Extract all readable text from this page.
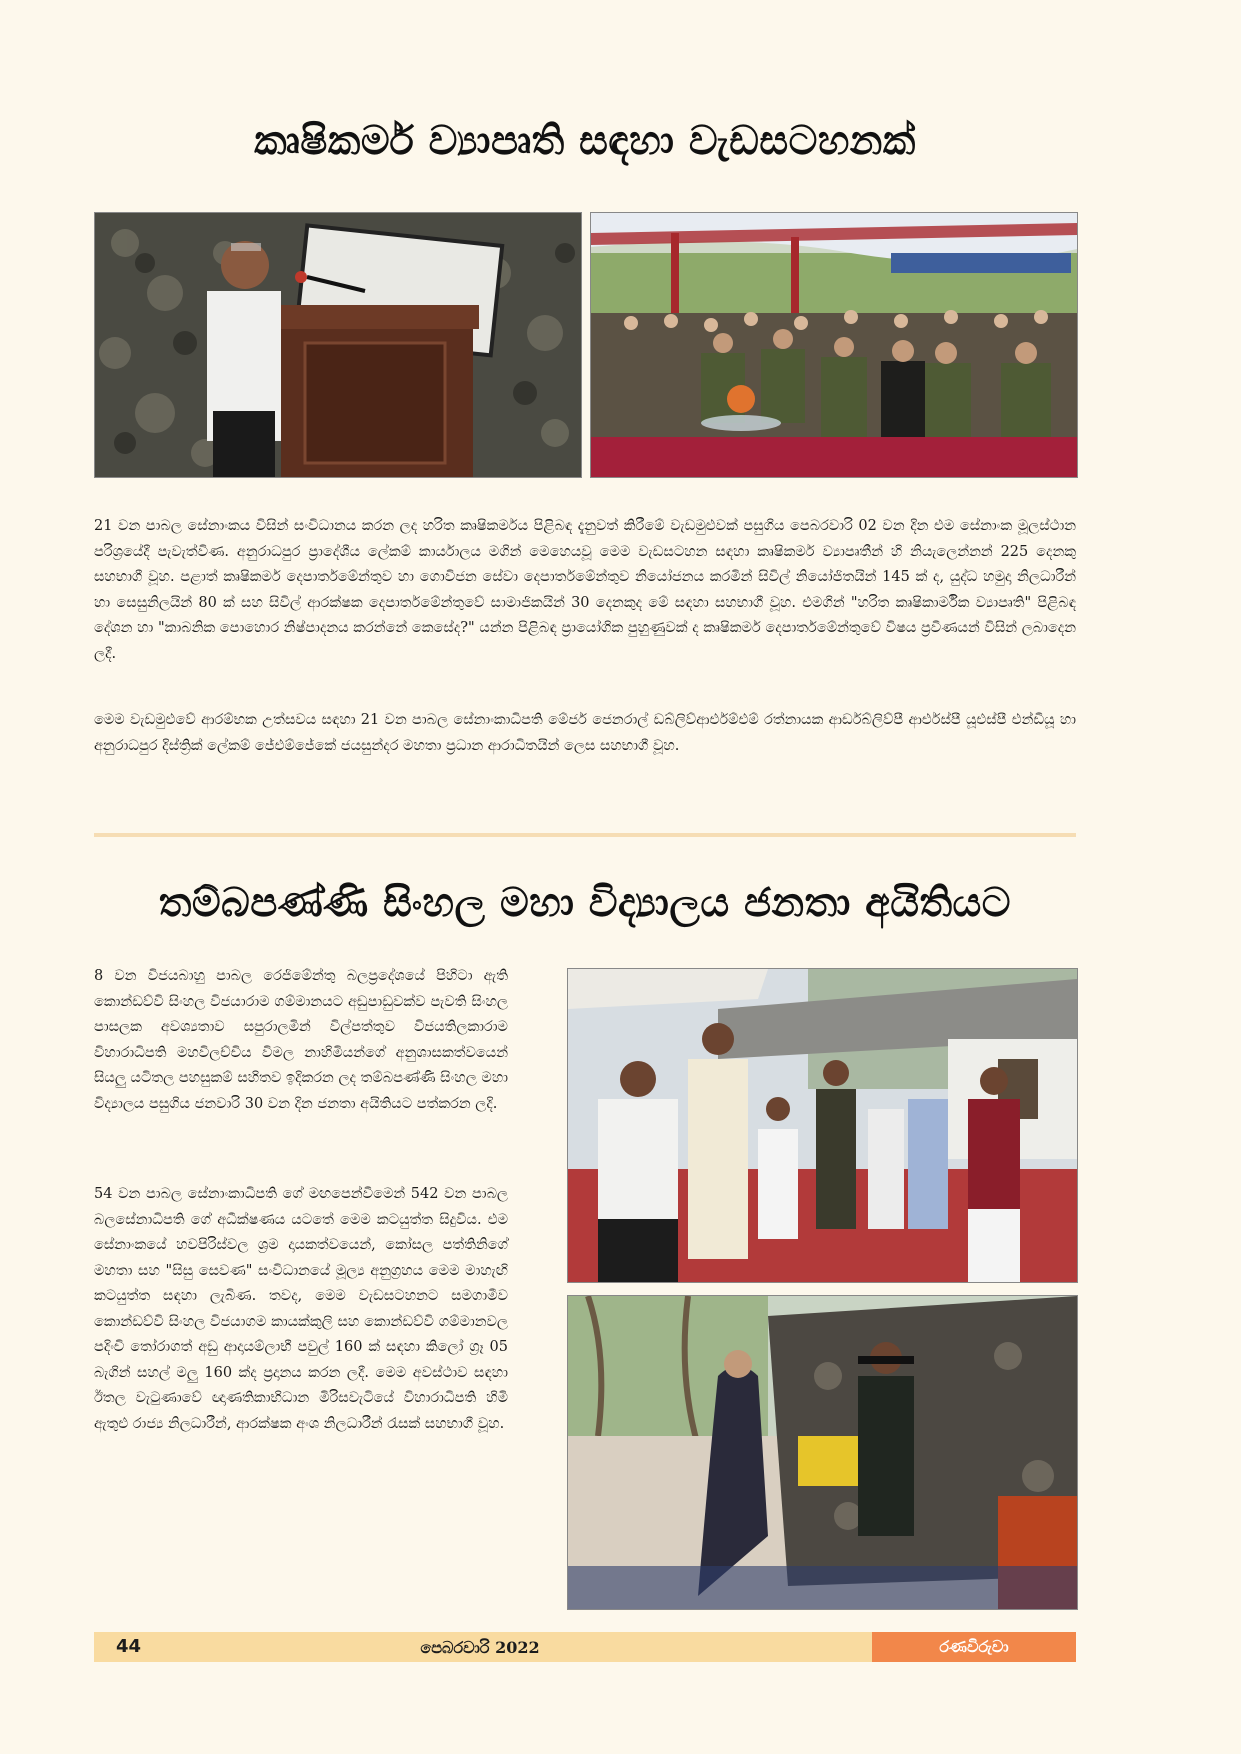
කෘෂිකර්ම ව්‍යාපෘති සඳහා වැඩසටහනක්

21 වන පාබල සේනාංකය විසින් සංවිධානය කරන ලද හරිත කෘෂිකර්මය පිළිබඳ දැනුවත් කිරීමේ වැඩමුළුවක් පසුගිය පෙබරවාරි 02 වන දින එම සේනාංක මූලස්ථාන පරිශ්‍රයේදී පැවැත්විණ. අනුරාධපුර ප්‍රාදේශීය ලේකම් කාර්යාලය මගින් මෙහෙයවූ මෙම වැඩසටහන සඳහා කෘෂිකර්ම ව්‍යාපෘතීන් හි නියැලෙන්නන් 225 දෙනකු සහභාගී වූහ. පළාත් කෘෂිකර්ම දෙපාර්තමේන්තුව හා ගොවිජන සේවා දෙපාර්තමේන්තුව නියෝජනය කරමින් සිවිල් නියෝජිතයින් 145 ක් ද, යුද්ධ හමුදා නිලධාරීන් හා සෙසුනිලයින් 80 ක් සහ සිවිල් ආරක්ෂක දෙපාර්තමේන්තුවේ සාමාජිකයින් 30 දෙනකුද මේ සඳහා සහභාගී වූහ. එමගින් "හරිත කෘෂිකාර්මික ව්‍යාපෘති" පිළිබඳ දේශන හා "කාබනික පොහොර නිෂ්පාදනය කරන්නේ කෙසේද?" යන්න පිළිබඳ ප්‍රායෝගික පුහුණුවක් ද කෘෂිකර්ම දෙපාර්තමේන්තුවේ විෂය ප්‍රවීණයන් විසින් ලබාදෙන ලදී.

මෙම වැඩමුළුවේ ආරම්භක උත්සවය සඳහා 21 වන පාබල සේනාංකාධිපති මේජර් ජෙනරාල් ඩබ්ලිව්ආර්එම්එම් රත්නායක ආර්ඩබ්ලිව්පී ආර්එස්පී යූඑස්පී එන්ඩීයූ හා අනුරාධපුර දිස්ත්‍රික් ලේකම් ජේඑම්ජේකේ ජයසුන්දර මහතා ප්‍රධාන ආරාධිතයින් ලෙස සහභාගී වූහ.

තම්බපණ්ණි සිංහල මහා විද්‍යාලය ජනතා අයිතියට

8 වන විජයබාහු පාබල රෙජිමේන්තු බලප්‍රදේශයේ පිහිටා ඇති කොන්ඩව්වි සිංහල විජයාරාම ගම්මානයට අඩුපාඩුවක්ව පැවති සිංහල පාසලක අවශ්‍යතාව සපුරාලමින් විල්පත්තුව විජයතිලකාරාම විහාරාධිපති මහවිලච්චිය විමල නාහිමියන්ගේ අනුශාසකත්වයෙන් සියලු යටිතල පහසුකම් සහිතව ඉදිකරන ලද තම්බපණ්ණි සිංහල මහා විද්‍යාලය පසුගිය ජනවාරි 30 වන දින ජනතා අයිතියට පත්කරන ලදි.

54 වන පාබල සේනාංකාධිපති ගේ මඟපෙන්වීමෙන් 542 වන පාබල බලසේනාධිපති ගේ අධීක්ෂණය යටතේ මෙම කටයුත්ත සිදුවිය. එම සේනාංකයේ හවපිරිස්වල ශ්‍රම දායකත්වයෙන්, කෝසල පත්තිනිගේ මහතා සහ "සිසු සෙවණ" සංවිධානයේ මූල්‍ය අනුග්‍රහය මෙම මාහැඟි කටයුත්ත සඳහා ලැබිණ. තවද, මෙම වැඩසටහනට සමගාමීව කොන්ඩව්වි සිංහල විජයාගම කායක්කුලි සහ කොන්ඩව්වි ගම්මානවල පදිංචි තෝරාගත් අඩු ආදායම්ලාභී පවුල් 160 ක් සඳහා කිලෝ ග්‍රෑ 05 බැගින් සහල් මලු 160 ක්ද ප්‍රදානය කරන ලදී. මෙම අවස්ථාව සඳහා ඊතල වැටුණාවේ ඥාණතිකාභිධාන මිරිසවැටියේ විහාරාධිපති හිමි ඇතුළු රාජ්‍ය නිලධාරීන්, ආරක්ෂක අංශ නිලධාරීන් රැසක් සහභාගී වූහ.

44	පෙබරවාරි 2022	රණවිරුවා
